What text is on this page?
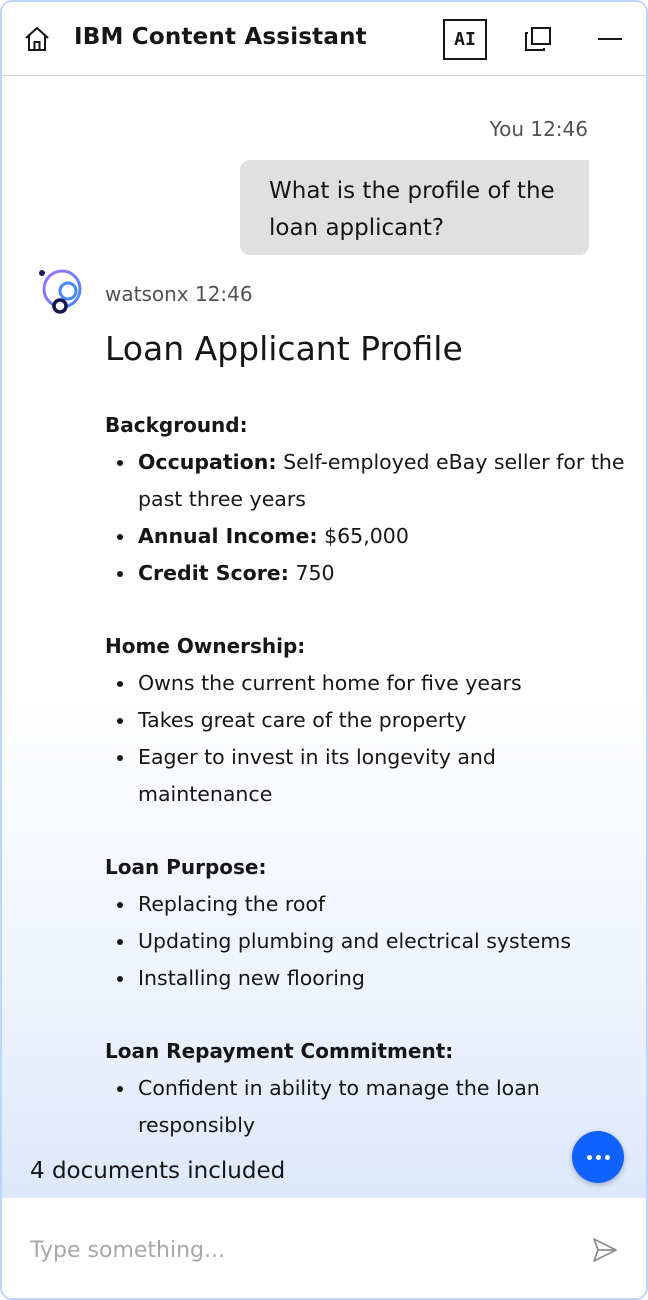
IBM Content Assistant	AI
You 12:46
What is the profile of the loan applicant?
watsonx 12:46
Loan Applicant Profile
Background:
Occupation: Self-employed eBay seller for the past three years
Annual Income: $65,000
Credit Score: 750
Home Ownership:
Owns the current home for five years
Takes great care of the property
Eager to invest in its longevity and maintenance
Loan Purpose:
Replacing the roof
Updating plumbing and electrical systems
Installing new flooring
Loan Repayment Commitment:
Confident in ability to manage the loan responsibly
4 documents included
Type something...
